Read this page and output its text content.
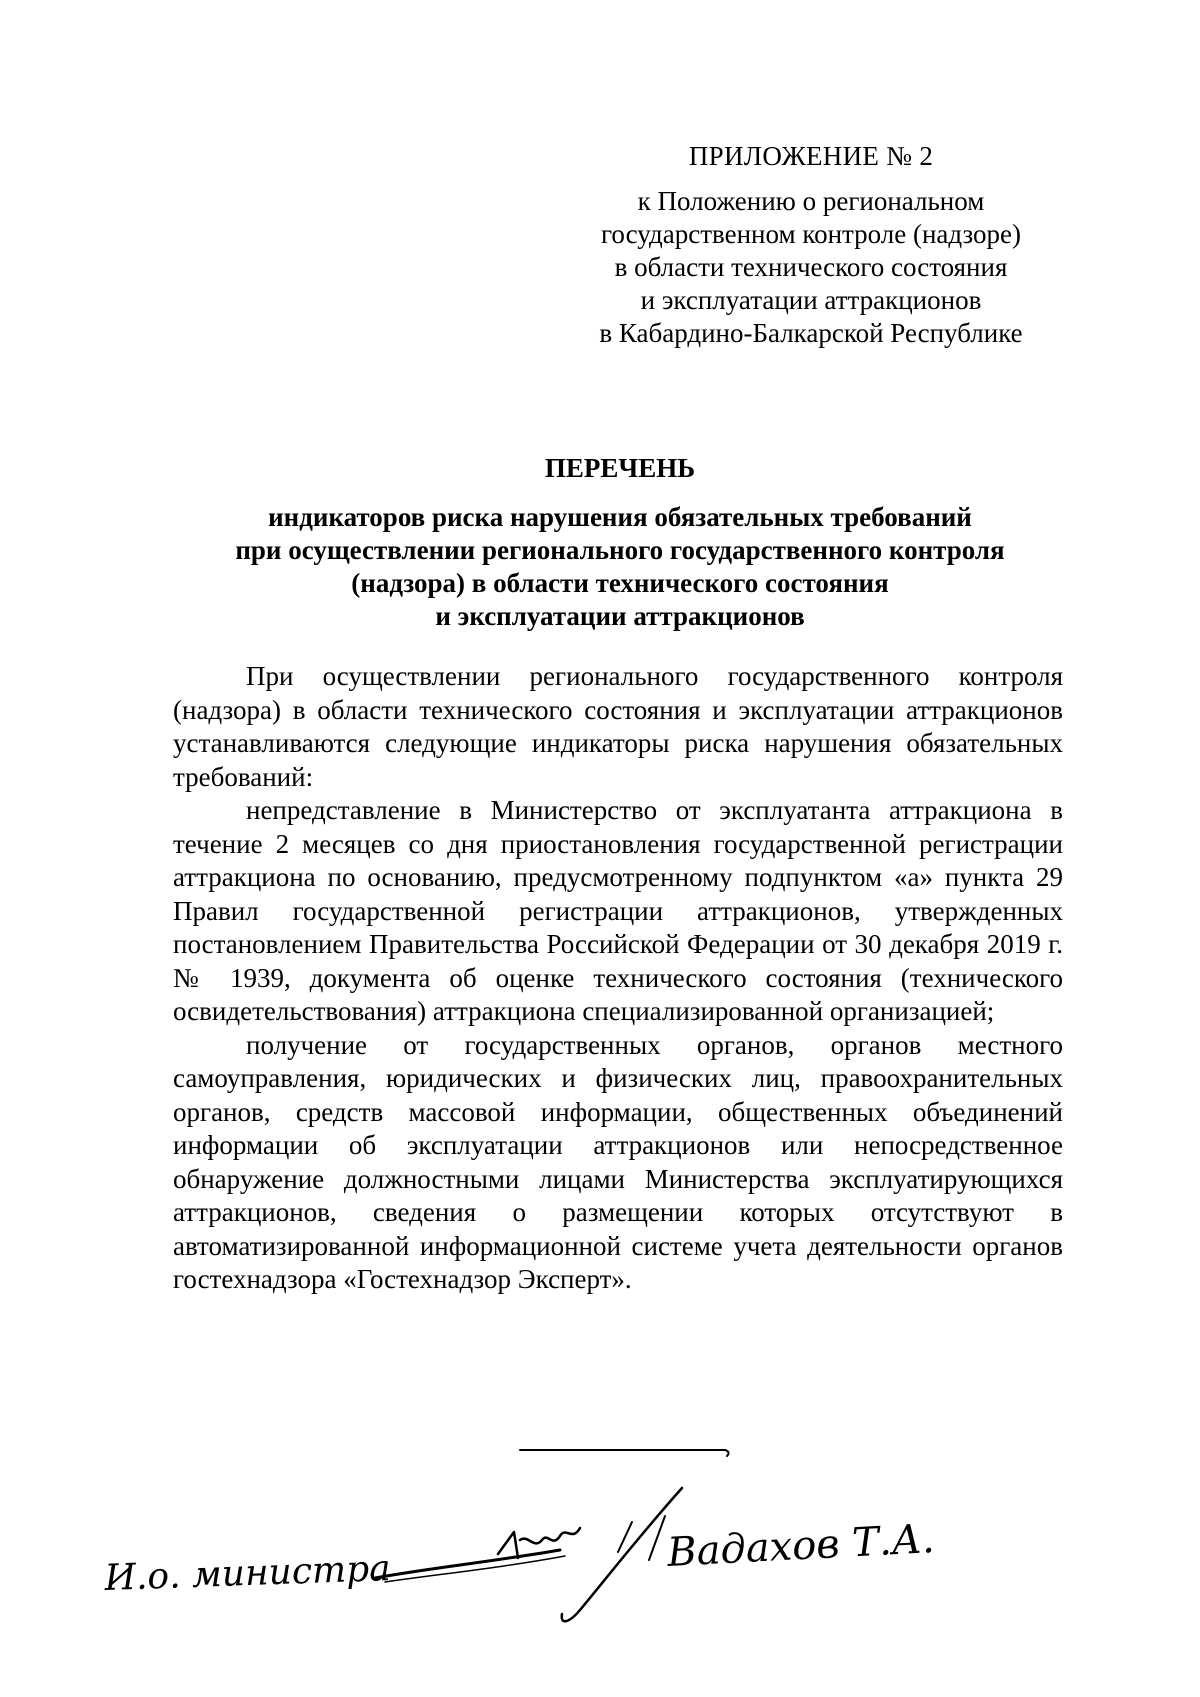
ПРИЛОЖЕНИЕ № 2
к Положению о региональном
государственном контроле (надзоре)
в области технического состояния
и эксплуатации аттракционов
в Кабардино-Балкарской Республике
ПЕРЕЧЕНЬ
индикаторов риска нарушения обязательных требований
при осуществлении регионального государственного контроля
(надзора) в области технического состояния
и эксплуатации аттракционов

При осуществлении регионального государственного контроля (надзора) в области технического состояния и эксплуатации аттракционов устанавливаются следующие индикаторы риска нарушения обязательных требований:

непредставление в Министерство от эксплуатанта аттракциона в течение 2 месяцев со дня приостановления государственной регистрации аттракциона по основанию, предусмотренному подпунктом «а» пункта 29 Правил государственной регистрации аттракционов, утвержденных постановлением Правительства Российской Федерации от 30 декабря 2019 г. № 1939, документа об оценке технического состояния (технического освидетельствования) аттракциона специализированной организацией;

получение от государственных органов, органов местного самоуправления, юридических и физических лиц, правоохранительных органов, средств массовой информации, общественных объединений информации об эксплуатации аттракционов или непосредственное обнаружение должностными лицами Министерства эксплуатирующихся аттракционов, сведения о размещении которых отсутствуют в автоматизированной информационной системе учета деятельности органов гостехнадзора «Гостехнадзор Эксперт».

И.о. министра	Вадахов Т.А.
